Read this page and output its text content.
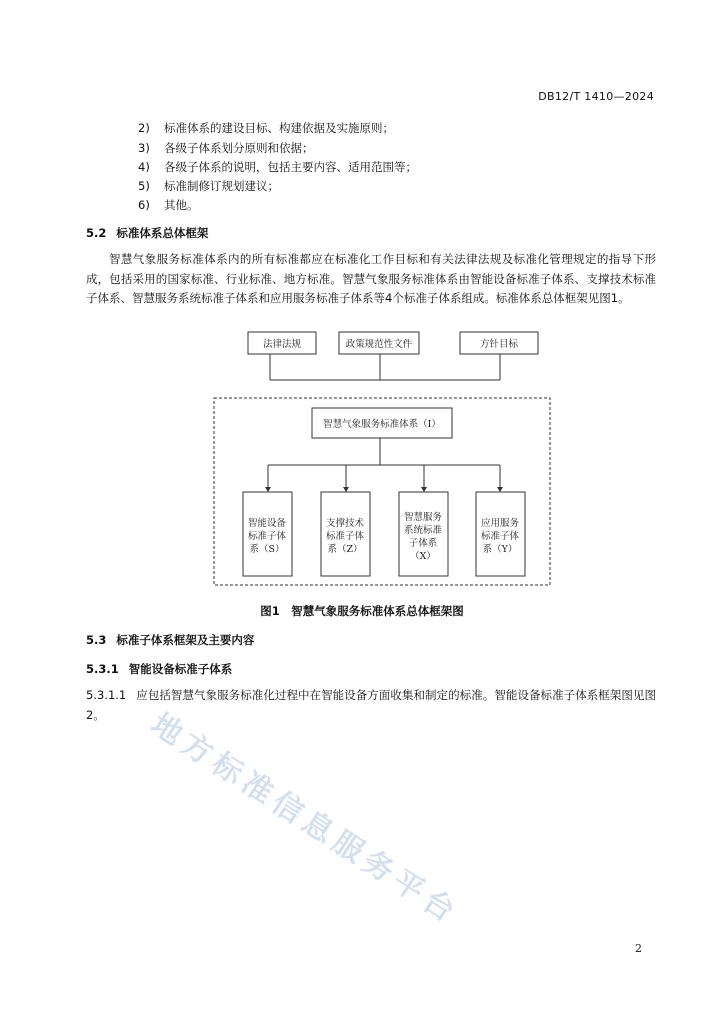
DB12/T 1410—2024
2) 标准体系的建设目标、构建依据及实施原则；
3) 各级子体系划分原则和依据；
4) 各级子体系的说明，包括主要内容、适用范围等；
5) 标准制修订规划建议；
6) 其他。
5.2 标准体系总体框架
智慧气象服务标准体系内的所有标准都应在标准化工作目标和有关法律法规及标准化管理规定的指导下形成，包括采用的国家标准、行业标准、地方标准。智慧气象服务标准体系由智能设备标准子体系、支撑技术标准子体系、智慧服务系统标准子体系和应用服务标准子体系等4个标准子体系组成。标准体系总体框架见图1。
法律法规	政策规范性文件	方针目标
智慧气象服务标准体系（I）
智能设备
标准子体
系（S）
支撑技术
标准子体
系（Z）
智慧服务
系统标准
子体系
（X）
应用服务
标准子体
系（Y）
图1　智慧气象服务标准体系总体框架图
5.3 标准子体系框架及主要内容
5.3.1 智能设备标准子体系
5.3.1.1 应包括智慧气象服务标准化过程中在智能设备方面收集和制定的标准。智能设备标准子体系框架图见图 2。	地方标准信息服务平台
2
